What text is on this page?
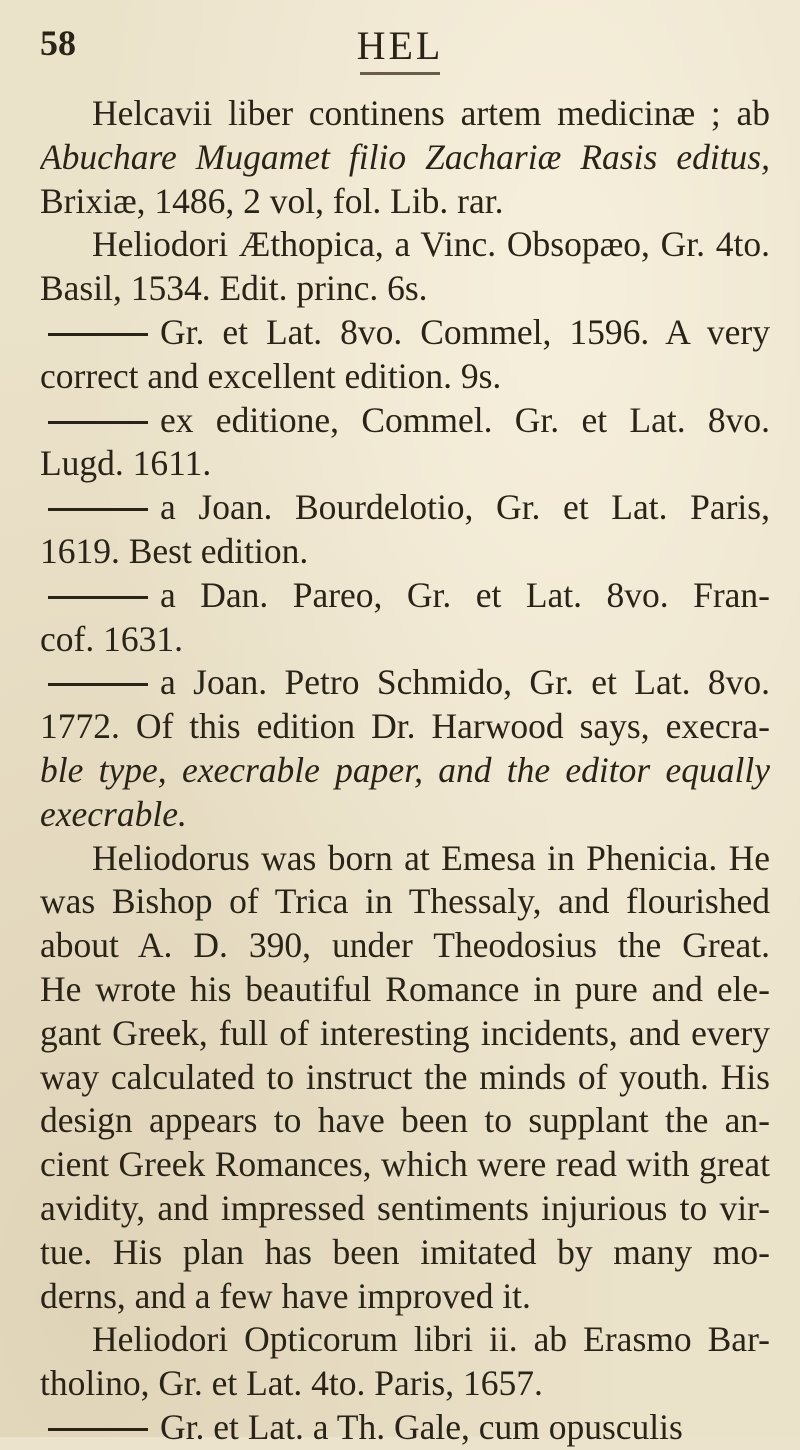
58	HEL
Helcavii liber continens artem medicinæ ; ab
Abuchare Mugamet filio Zachariæ Rasis editus,
Brixiæ, 1486, 2 vol, fol. Lib. rar.
Heliodori Æthopica, a Vinc. Obsopæo, Gr. 4to.
Basil, 1534. Edit. princ. 6s.
Gr. et Lat. 8vo. Commel, 1596. A very
correct and excellent edition. 9s.
ex editione, Commel. Gr. et Lat. 8vo.
Lugd. 1611.
a Joan. Bourdelotio, Gr. et Lat. Paris,
1619. Best edition.
a Dan. Pareo, Gr. et Lat. 8vo. Fran-
cof. 1631.
a Joan. Petro Schmido, Gr. et Lat. 8vo.
1772. Of this edition Dr. Harwood says, execra-
ble type, execrable paper, and the editor equally
execrable.
Heliodorus was born at Emesa in Phenicia. He
was Bishop of Trica in Thessaly, and flourished
about A. D. 390, under Theodosius the Great.
He wrote his beautiful Romance in pure and ele-
gant Greek, full of interesting incidents, and every
way calculated to instruct the minds of youth. His
design appears to have been to supplant the an-
cient Greek Romances, which were read with great
avidity, and impressed sentiments injurious to vir-
tue. His plan has been imitated by many mo-
derns, and a few have improved it.
Heliodori Opticorum libri ii. ab Erasmo Bar-
tholino, Gr. et Lat. 4to. Paris, 1657.
Gr. et Lat. a Th. Gale, cum opusculis
